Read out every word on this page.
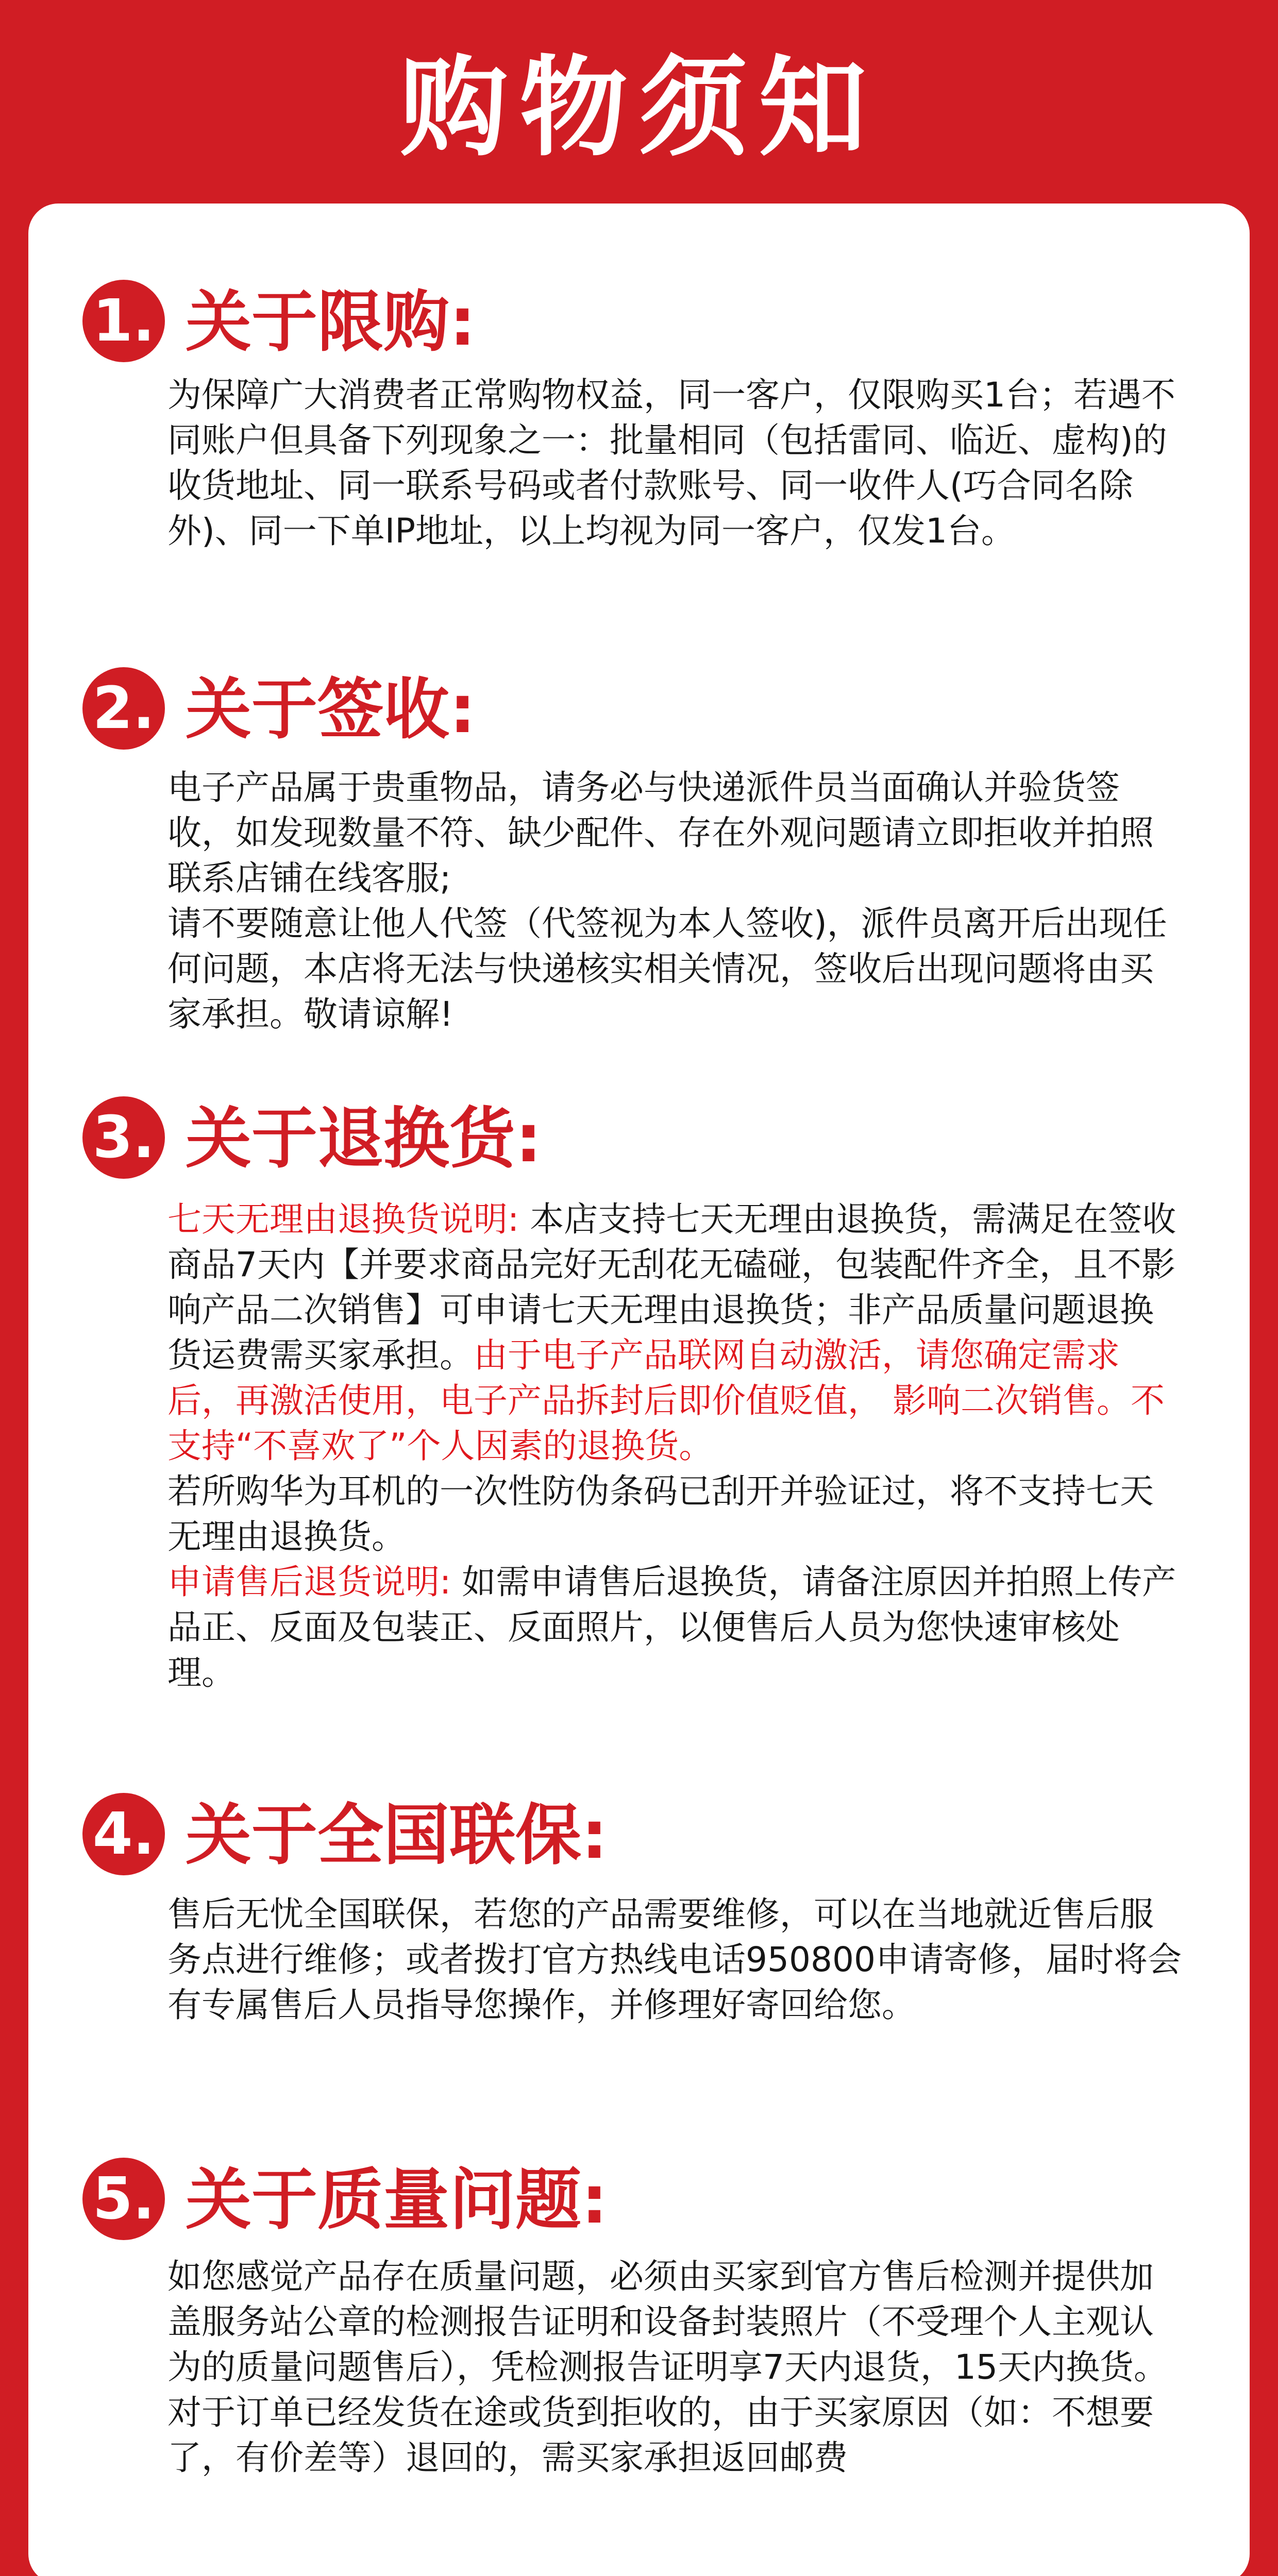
购物须知
1. 关于限购:

为保障广大消费者正常购物权益，同一客户，仅限购买1台；若遇不同账户但具备下列现象之一：批量相同（包括雷同、临近、虚构)的收货地址、同一联系号码或者付款账号、同一收件人(巧合同名除外)、同一下单IP地址，以上均视为同一客户，仅发1台。

2. 关于签收:

电子产品属于贵重物品，请务必与快递派件员当面确认并验货签收，如发现数量不符、缺少配件、存在外观问题请立即拒收并拍照联系店铺在线客服;

请不要随意让他人代签（代签视为本人签收)，派件员离开后出现任何问题，本店将无法与快递核实相关情况，签收后出现问题将由买家承担。敬请谅解!

3. 关于退换货:

七天无理由退换货说明: 本店支持七天无理由退换货，需满足在签收商品7天内【并要求商品完好无刮花无磕碰，包装配件齐全，且不影响产品二次销售】可申请七天无理由退换货；非产品质量问题退换货运费需买家承担。由于电子产品联网自动激活，请您确定需求后，再激活使用，电子产品拆封后即价值贬值， 影响二次销售。不支持“不喜欢了”个人因素的退换货。

若所购华为耳机的一次性防伪条码已刮开并验证过，将不支持七天无理由退换货。

申请售后退货说明: 如需申请售后退换货，请备注原因并拍照上传产品正、反面及包装正、反面照片，以便售后人员为您快速审核处理。

4. 关于全国联保:

售后无忧全国联保，若您的产品需要维修，可以在当地就近售后服务点进行维修；或者拨打官方热线电话950800申请寄修，届时将会有专属售后人员指导您操作，并修理好寄回给您。

5. 关于质量问题:

如您感觉产品存在质量问题，必须由买家到官方售后检测并提供加盖服务站公章的检测报告证明和设备封装照片（不受理个人主观认为的质量问题售后），凭检测报告证明享7天内退货，15天内换货。

对于订单已经发货在途或货到拒收的，由于买家原因（如：不想要了，有价差等）退回的，需买家承担返回邮费
